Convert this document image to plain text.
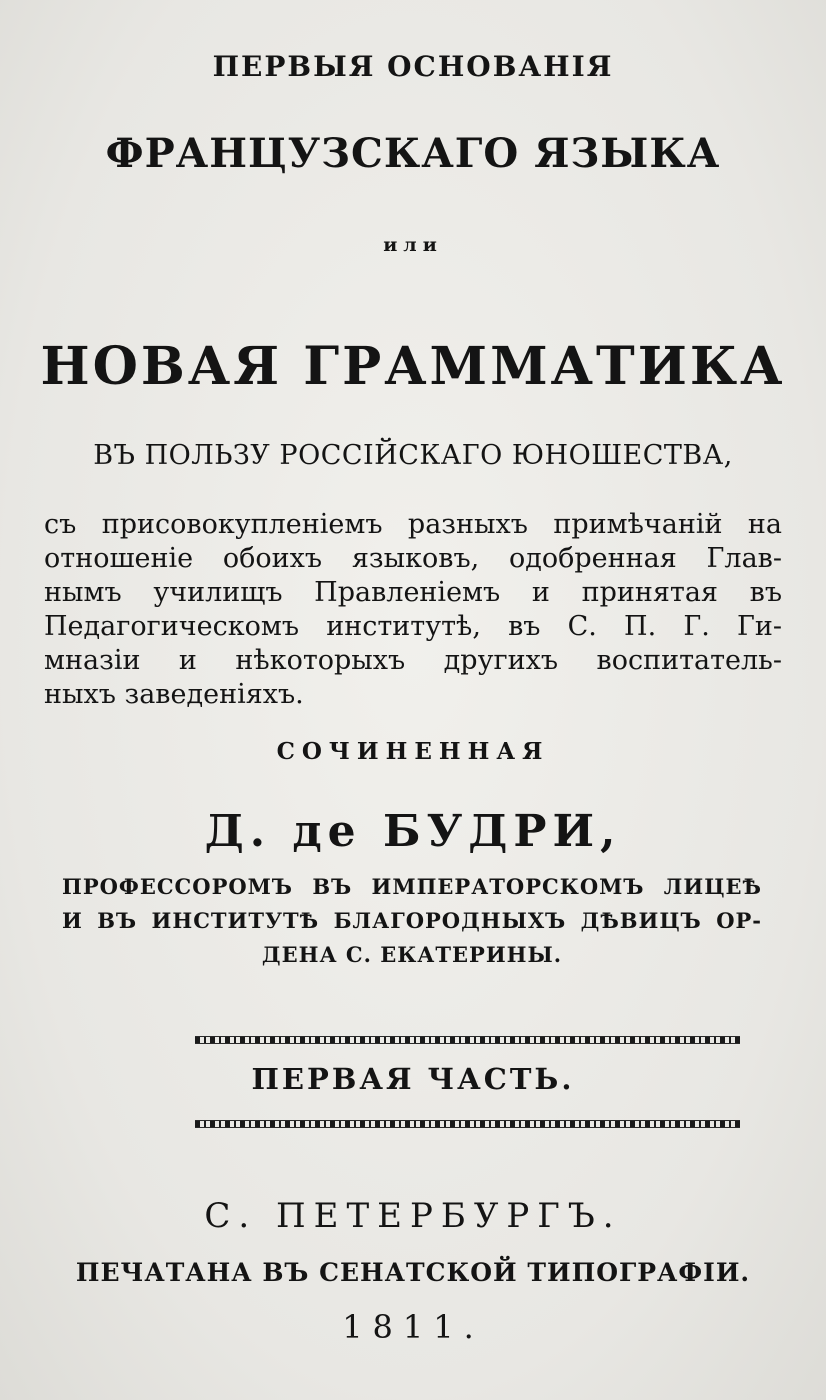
ПЕРВЫЯ ОСНОВАНІЯ
ФРАНЦУЗСКАГО ЯЗЫКА
или
НОВАЯ ГРАММАТИКА
ВЪ ПОЛЬЗУ РОССІЙСКАГО ЮНОШЕСТВА,
съ присовокупленіемъ разныхъ примѣчаній на
отношеніе обоихъ языковъ, одобренная Глав-
нымъ училищъ Правленіемъ и принятая въ
Педагогическомъ институтѣ, въ С. П. Г. Ги-
мназіи и нѣкоторыхъ другихъ воспитатель-
ныхъ заведеніяхъ.
СОЧИНЕННАЯ
Д. де БУДРИ,
ПРОФЕССОРОМЪ ВЪ ИМПЕРАТОРСКОМЪ ЛИЦЕѢ
И ВЪ ИНСТИТУТѢ БЛАГОРОДНЫХЪ ДѢВИЦЪ ОР-
ДЕНА С. ЕКАТЕРИНЫ.
ПЕРВАЯ ЧАСТЬ.
С. ПЕТЕРБУРГЪ.
ПЕЧАТАНА ВЪ СЕНАТСКОЙ ТИПОГРАФІИ.
1811.
